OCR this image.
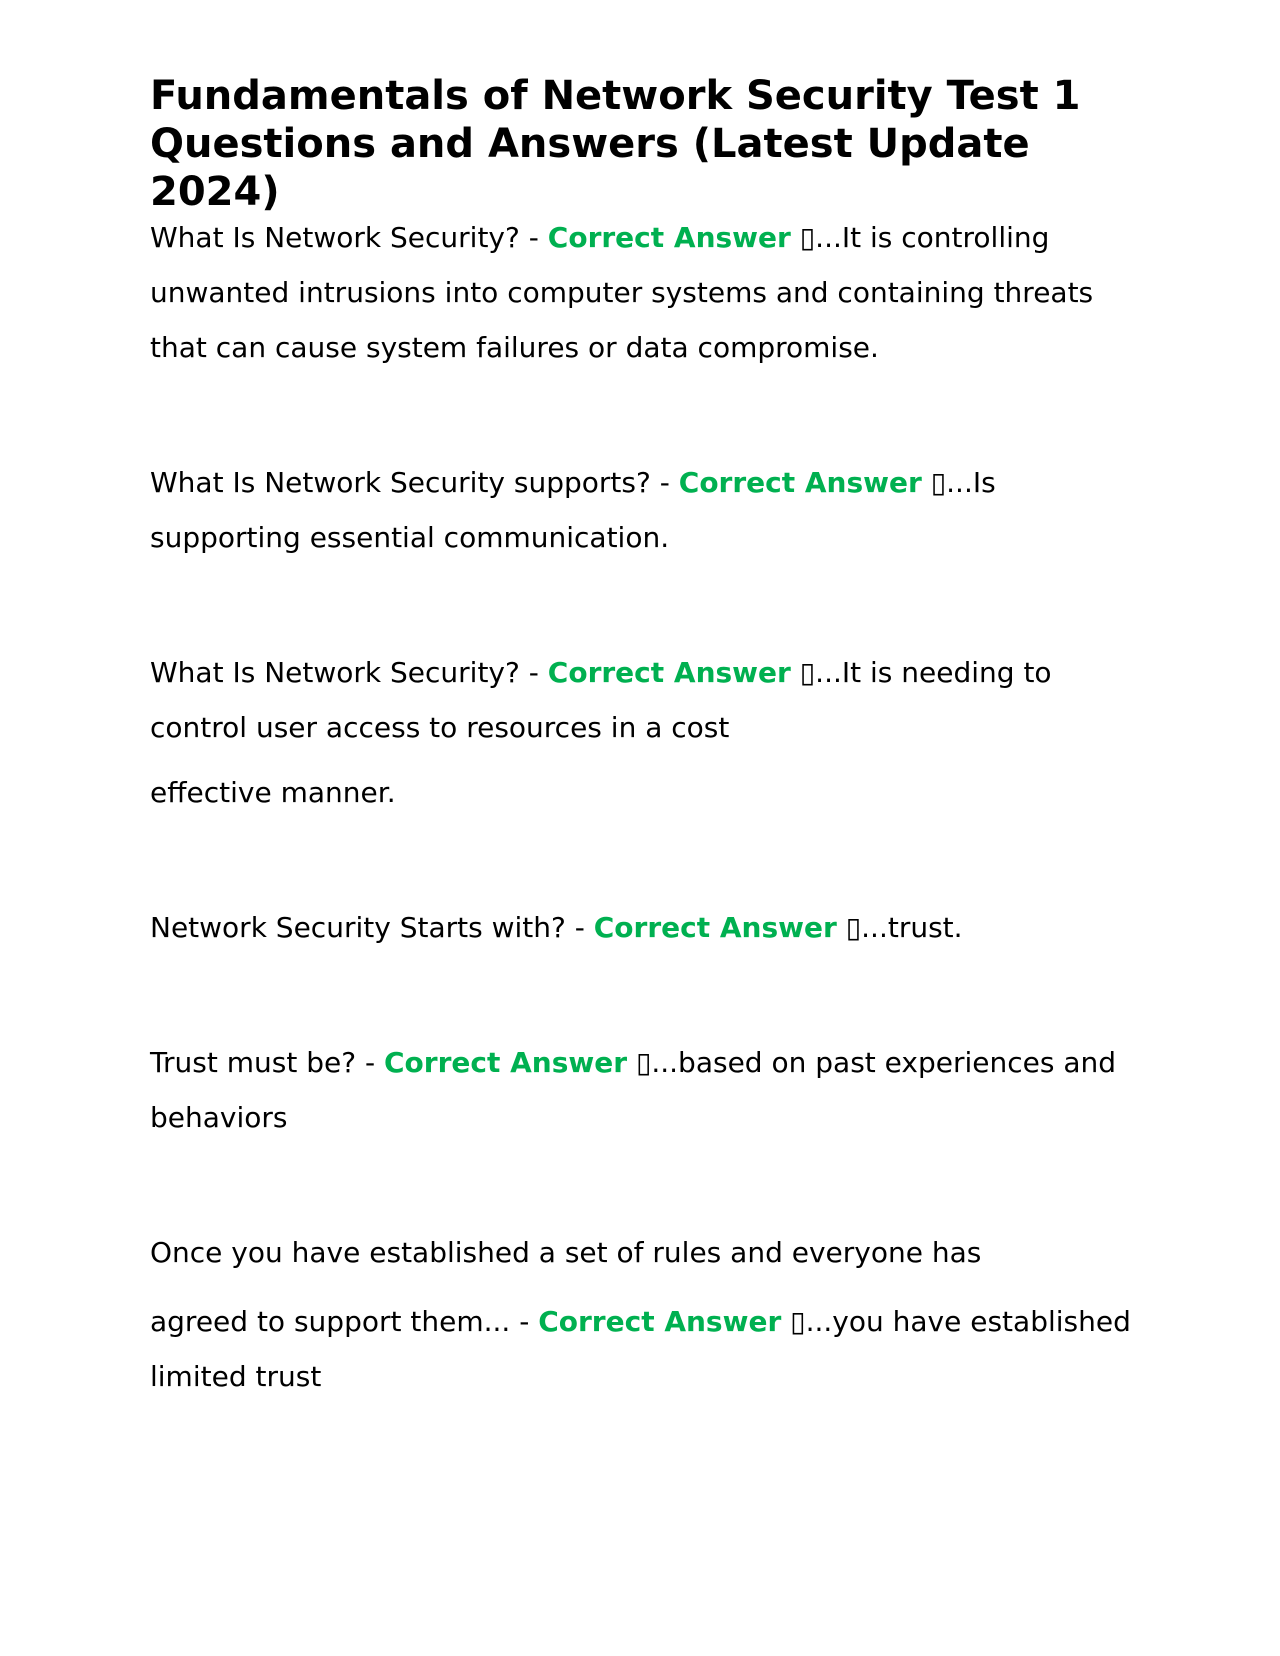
Fundamentals of Network Security Test 1 Questions and Answers (Latest Update 2024)

What Is Network Security? - Correct Answer ▯...It is controlling unwanted intrusions into computer systems and containing threats that can cause system failures or data compromise.

What Is Network Security supports? - Correct Answer ▯...Is supporting essential communication.

What Is Network Security? - Correct Answer ▯...It is needing to control user access to resources in a cost

effective manner.

Network Security Starts with? - Correct Answer ▯...trust.

Trust must be? - Correct Answer ▯...based on past experiences and behaviors

Once you have established a set of rules and everyone has

agreed to support them... - Correct Answer ▯...you have established limited trust
